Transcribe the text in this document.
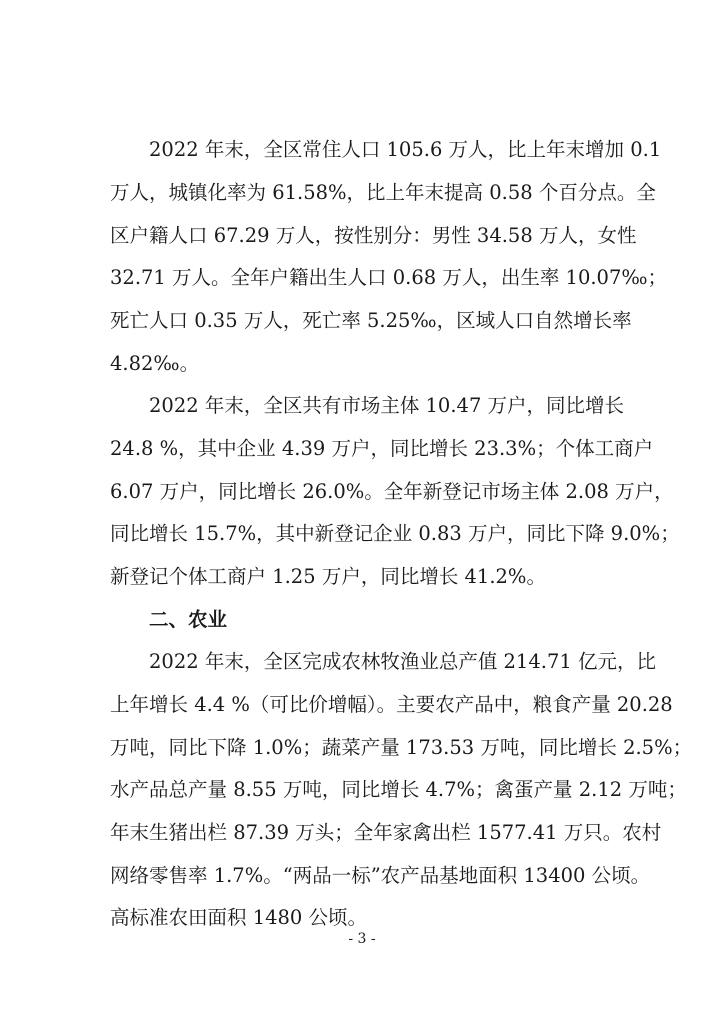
2022 年末，全区常住人口 105.6 万人，比上年末增加 0.1
万人，城镇化率为 61.58%，比上年末提高 0.58 个百分点。全
区户籍人口 67.29 万人，按性别分：男性 34.58 万人，女性
32.71 万人。全年户籍出生人口 0.68 万人，出生率 10.07‰；
死亡人口 0.35 万人，死亡率 5.25‰，区域人口自然增长率
4.82‰。
2022 年末，全区共有市场主体 10.47 万户，同比增长
24.8 %，其中企业 4.39 万户，同比增长 23.3%；个体工商户
6.07 万户，同比增长 26.0%。全年新登记市场主体 2.08 万户，
同比增长 15.7%，其中新登记企业 0.83 万户，同比下降 9.0%；
新登记个体工商户 1.25 万户，同比增长 41.2%。
二、农业
2022 年末，全区完成农林牧渔业总产值 214.71 亿元，比
上年增长 4.4 %（可比价增幅）。主要农产品中，粮食产量 20.28
万吨，同比下降 1.0%；蔬菜产量 173.53 万吨，同比增长 2.5%；
水产品总产量 8.55 万吨，同比增长 4.7%；禽蛋产量 2.12 万吨；
年末生猪出栏 87.39 万头；全年家禽出栏 1577.41 万只。农村
网络零售率 1.7%。“两品一标”农产品基地面积 13400 公顷。
高标准农田面积 1480 公顷。
- 3 -
